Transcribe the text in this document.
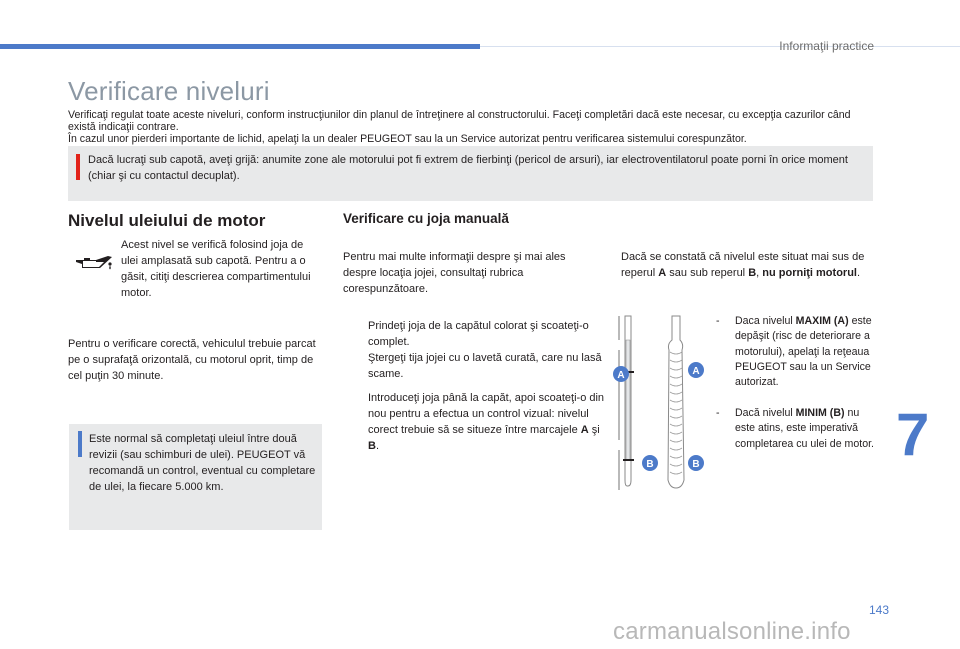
Informaţii practice
Verificare niveluri

Verificaţi regulat toate aceste niveluri, conform instrucţiunilor din planul de întreţinere al constructorului. Faceţi completări dacă este necesar, cu excepţia cazurilor când există indicaţii contrare.

În cazul unor pierderi importante de lichid, apelaţi la un dealer PEUGEOT sau la un Service autorizat pentru verificarea sistemului corespunzător.

Dacă lucraţi sub capotă, aveţi grijă: anumite zone ale motorului pot fi extrem de fierbinţi (pericol de arsuri), iar electroventilatorul poate porni în orice moment (chiar şi cu contactul decuplat).
Nivelul uleiului de motor
Acest nivel se verifică folosind joja de ulei amplasată sub capotă. Pentru a o găsit, citiţi descrierea compartimentului motor.
Pentru o verificare corectă, vehiculul trebuie parcat pe o suprafaţă orizontală, cu motorul oprit, timp de cel puţin 30 minute.
Este normal să completaţi uleiul între două revizii (sau schimburi de ulei). PEUGEOT vă recomandă un control, eventual cu completare de ulei, la fiecare 5.000 km.
Verificare cu joja manuală
Pentru mai multe informaţii despre şi mai ales despre locaţia jojei, consultaţi rubrica corespunzătoare.
Prindeţi joja de la capătul colorat şi scoateţi-o complet.
Ştergeţi tija jojei cu o lavetă curată, care nu lasă scame.
Introduceţi joja până la capăt, apoi scoateţi-o din nou pentru a efectua un control vizual: nivelul corect trebuie să se situeze între marcajele A şi B.
Dacă se constată că nivelul este situat mai sus de reperul A sau sub reperul B, nu porniţi motorul.
A	A
B	B
- Daca nivelul MAXIM (A) este depăşit (risc de deteriorare a motorului), apelaţi la reţeaua PEUGEOT sau la un Service autorizat.
- Dacă nivelul MINIM (B) nu este atins, este imperativă completarea cu ulei de motor. 7
143
carmanualsonline.info
